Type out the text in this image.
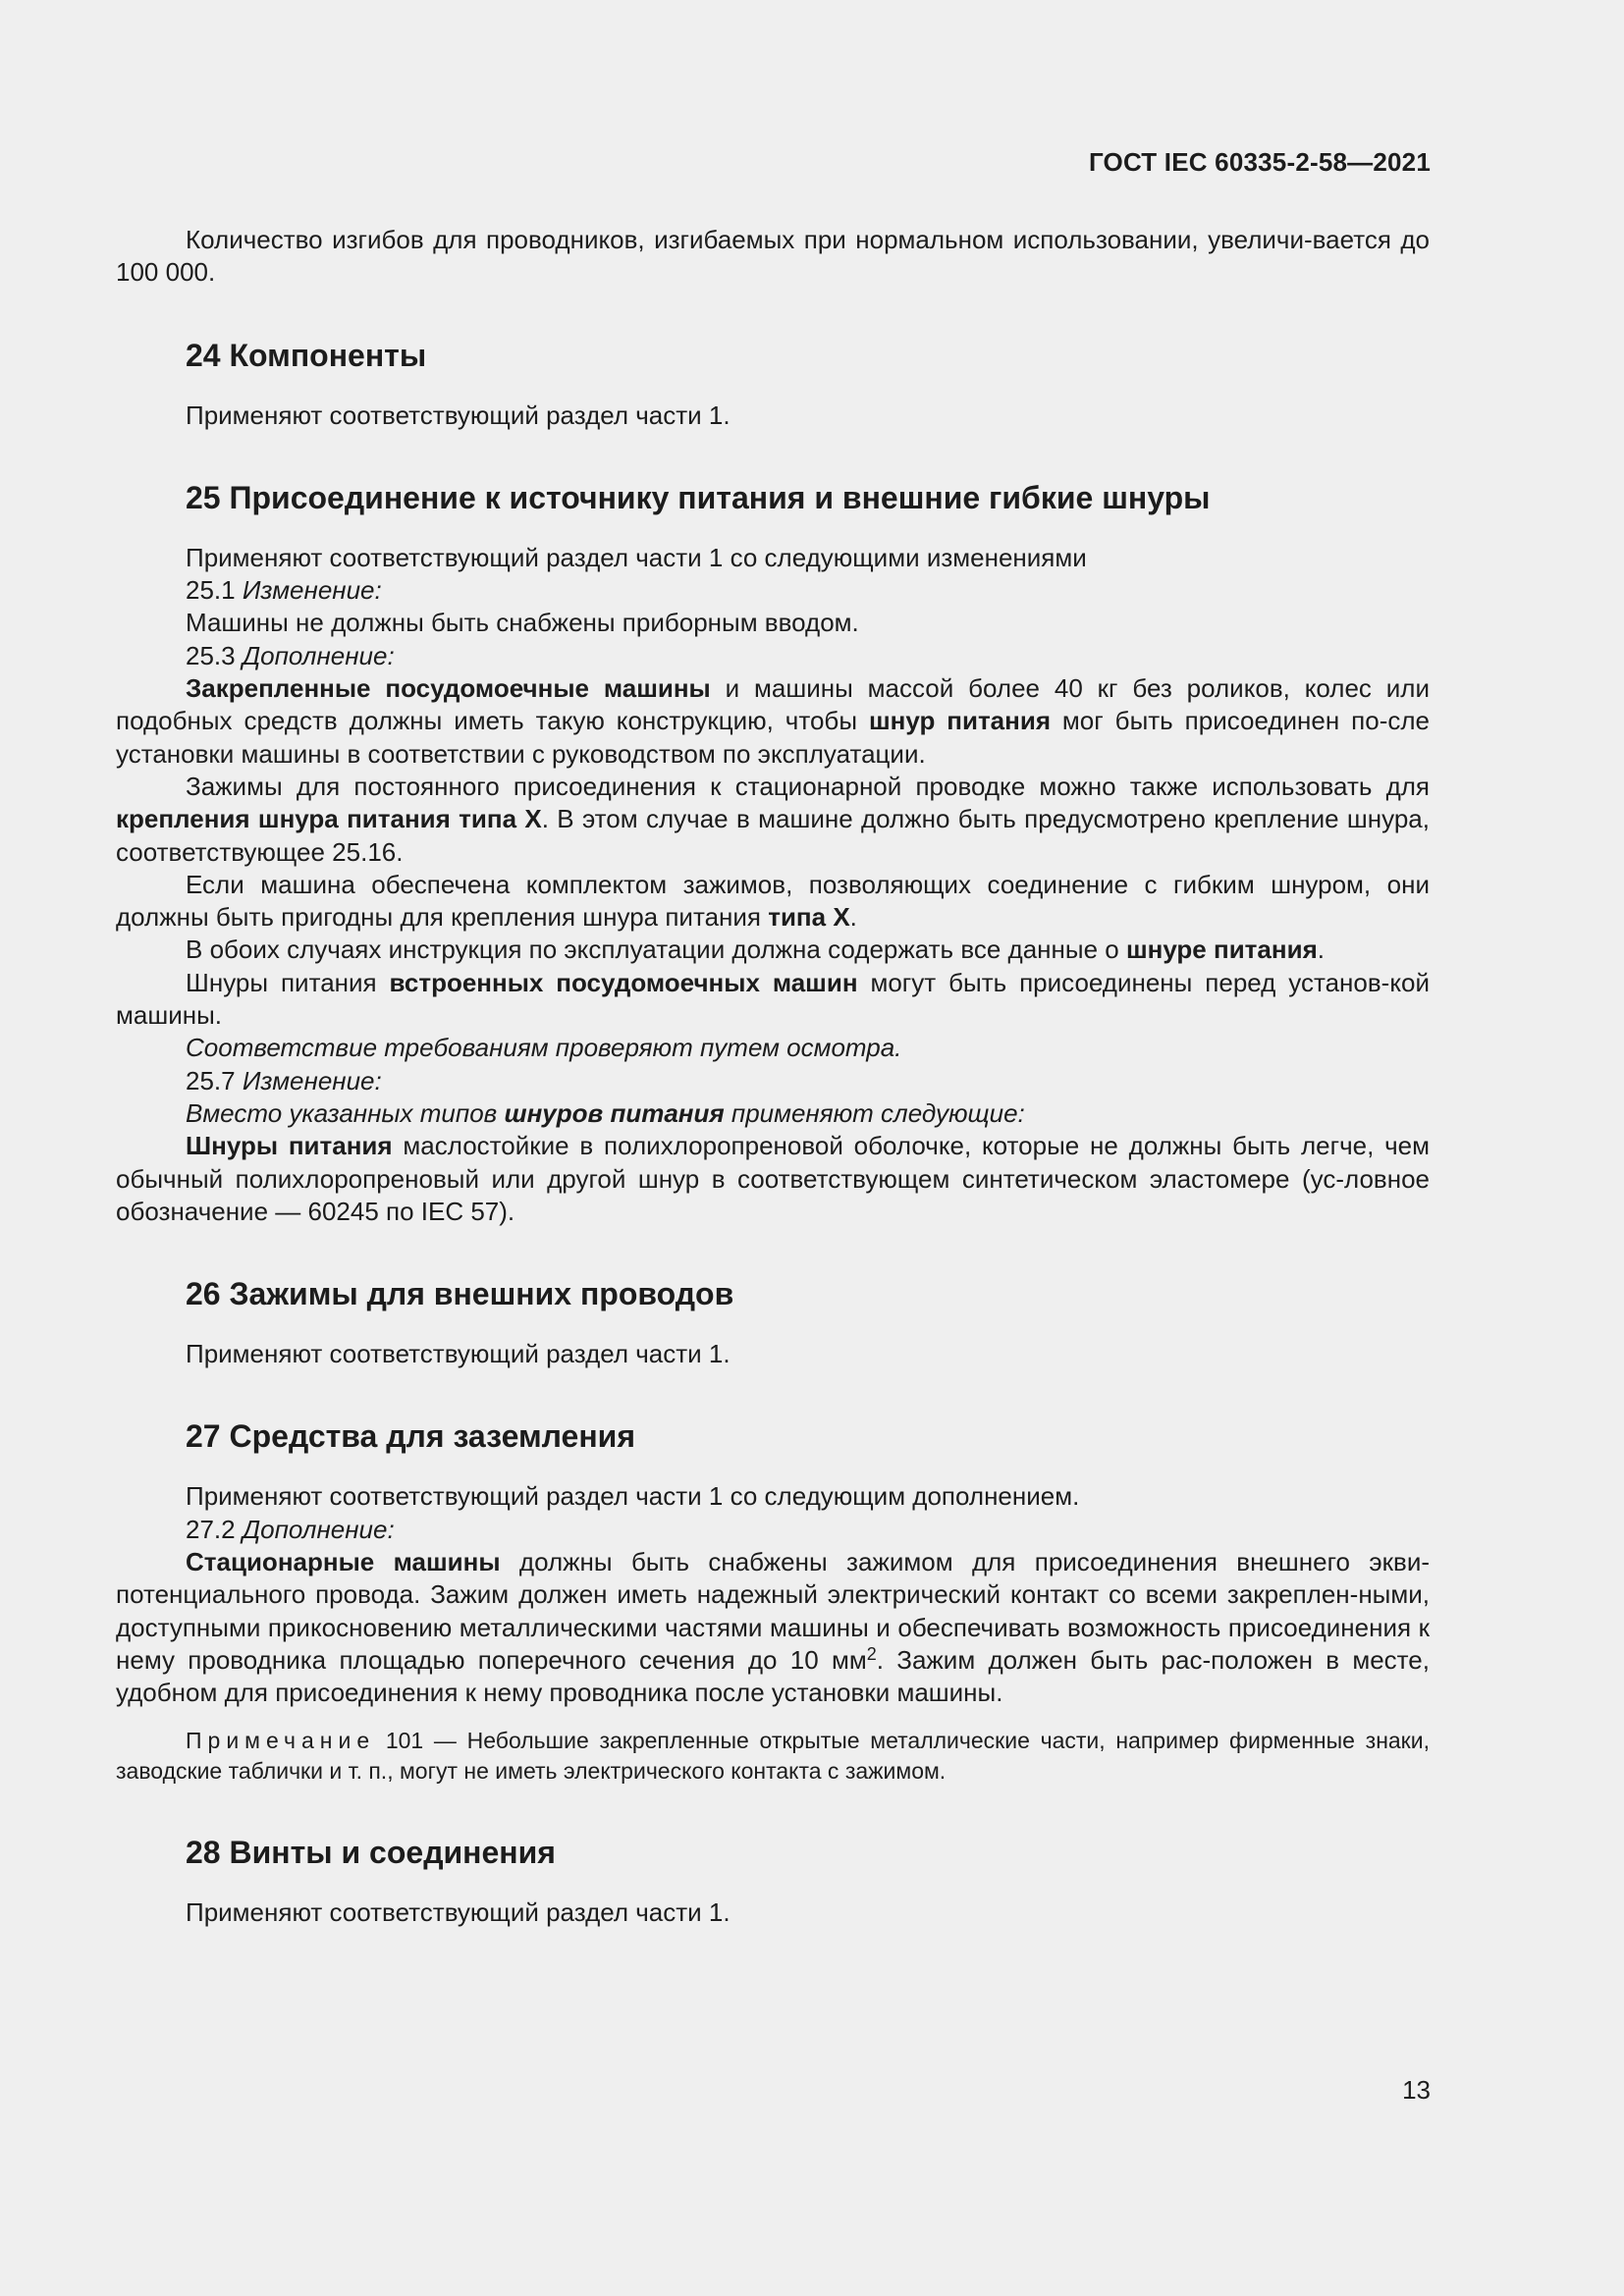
ГОСТ IEC 60335-2-58—2021

Количество изгибов для проводников, изгибаемых при нормальном использовании, увеличи-вается до 100 000.

24 Компоненты

Применяют соответствующий раздел части 1.

25 Присоединение к источнику питания и внешние гибкие шнуры

Применяют соответствующий раздел части 1 со следующими изменениями

25.1 Изменение:

Машины не должны быть снабжены приборным вводом.

25.3 Дополнение:

Закрепленные посудомоечные машины и машины массой более 40 кг без роликов, колес или подобных средств должны иметь такую конструкцию, чтобы шнур питания мог быть присоединен по-сле установки машины в соответствии с руководством по эксплуатации.

Зажимы для постоянного присоединения к стационарной проводке можно также использовать для крепления шнура питания типа X. В этом случае в машине должно быть предусмотрено крепление шнура, соответствующее 25.16.

Если машина обеспечена комплектом зажимов, позволяющих соединение с гибким шнуром, они должны быть пригодны для крепления шнура питания типа X.

В обоих случаях инструкция по эксплуатации должна содержать все данные о шнуре питания.

Шнуры питания встроенных посудомоечных машин могут быть присоединены перед установ-кой машины.

Соответствие требованиям проверяют путем осмотра.

25.7 Изменение:

Вместо указанных типов шнуров питания применяют следующие:

Шнуры питания маслостойкие в полихлоропреновой оболочке, которые не должны быть легче, чем обычный полихлоропреновый или другой шнур в соответствующем синтетическом эластомере (ус-ловное обозначение — 60245 по IEC 57).

26 Зажимы для внешних проводов

Применяют соответствующий раздел части 1.

27 Средства для заземления

Применяют соответствующий раздел части 1 со следующим дополнением.

27.2 Дополнение:

Стационарные машины должны быть снабжены зажимом для присоединения внешнего экви-потенциального провода. Зажим должен иметь надежный электрический контакт со всеми закреплен-ными, доступными прикосновению металлическими частями машины и обеспечивать возможность присоединения к нему проводника площадью поперечного сечения до 10 $мм^2$. Зажим должен быть рас-положен в месте, удобном для присоединения к нему проводника после установки машины.

Примечание 101 — Небольшие закрепленные открытые металлические части, например фирменные знаки, заводские таблички и т. п., могут не иметь электрического контакта с зажимом.

28 Винты и соединения

Применяют соответствующий раздел части 1.

13
